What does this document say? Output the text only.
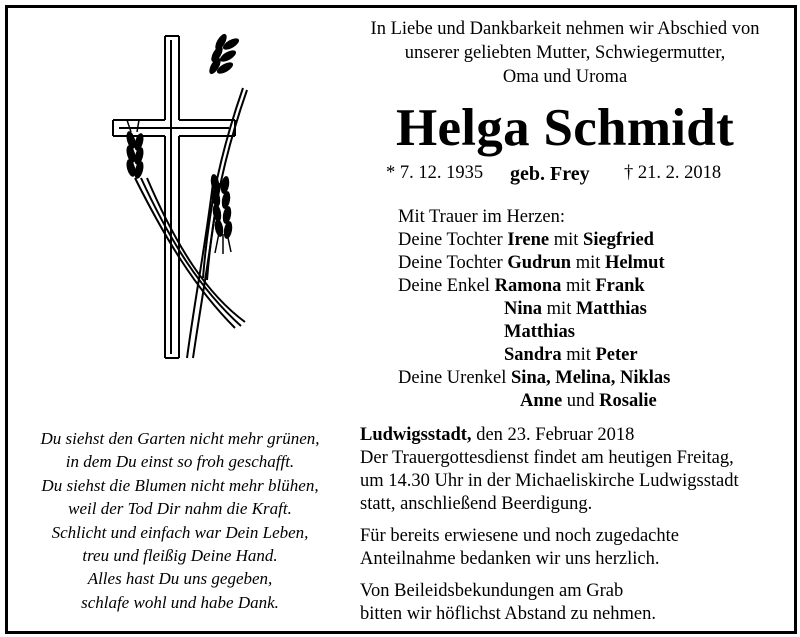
In Liebe und Dankbarkeit nehmen wir Abschied von
unserer geliebten Mutter, Schwiegermutter,
Oma und Uroma
Helga Schmidt
* 7. 12. 1935 geb. Frey † 21. 2. 2018
Mit Trauer im Herzen:
Deine Tochter Irene mit Siegfried
Deine Tochter Gudrun mit Helmut
Deine Enkel Ramona mit Frank
Nina mit Matthias
Matthias
Sandra mit Peter
Deine Urenkel Sina, Melina, Niklas
Anne und Rosalie
Du siehst den Garten nicht mehr grünen,
in dem Du einst so froh geschafft.
Du siehst die Blumen nicht mehr blühen,
weil der Tod Dir nahm die Kraft.
Schlicht und einfach war Dein Leben,
treu und fleißig Deine Hand.
Alles hast Du uns gegeben,
schlafe wohl und habe Dank.

Ludwigsstadt, den 23. Februar 2018
Der Trauergottesdienst findet am heutigen Freitag,
um 14.30 Uhr in der Michaeliskirche Ludwigsstadt
statt, anschließend Beerdigung.

Für bereits erwiesene und noch zugedachte
Anteilnahme bedanken wir uns herzlich.

Von Beileidsbekundungen am Grab
bitten wir höflichst Abstand zu nehmen.
